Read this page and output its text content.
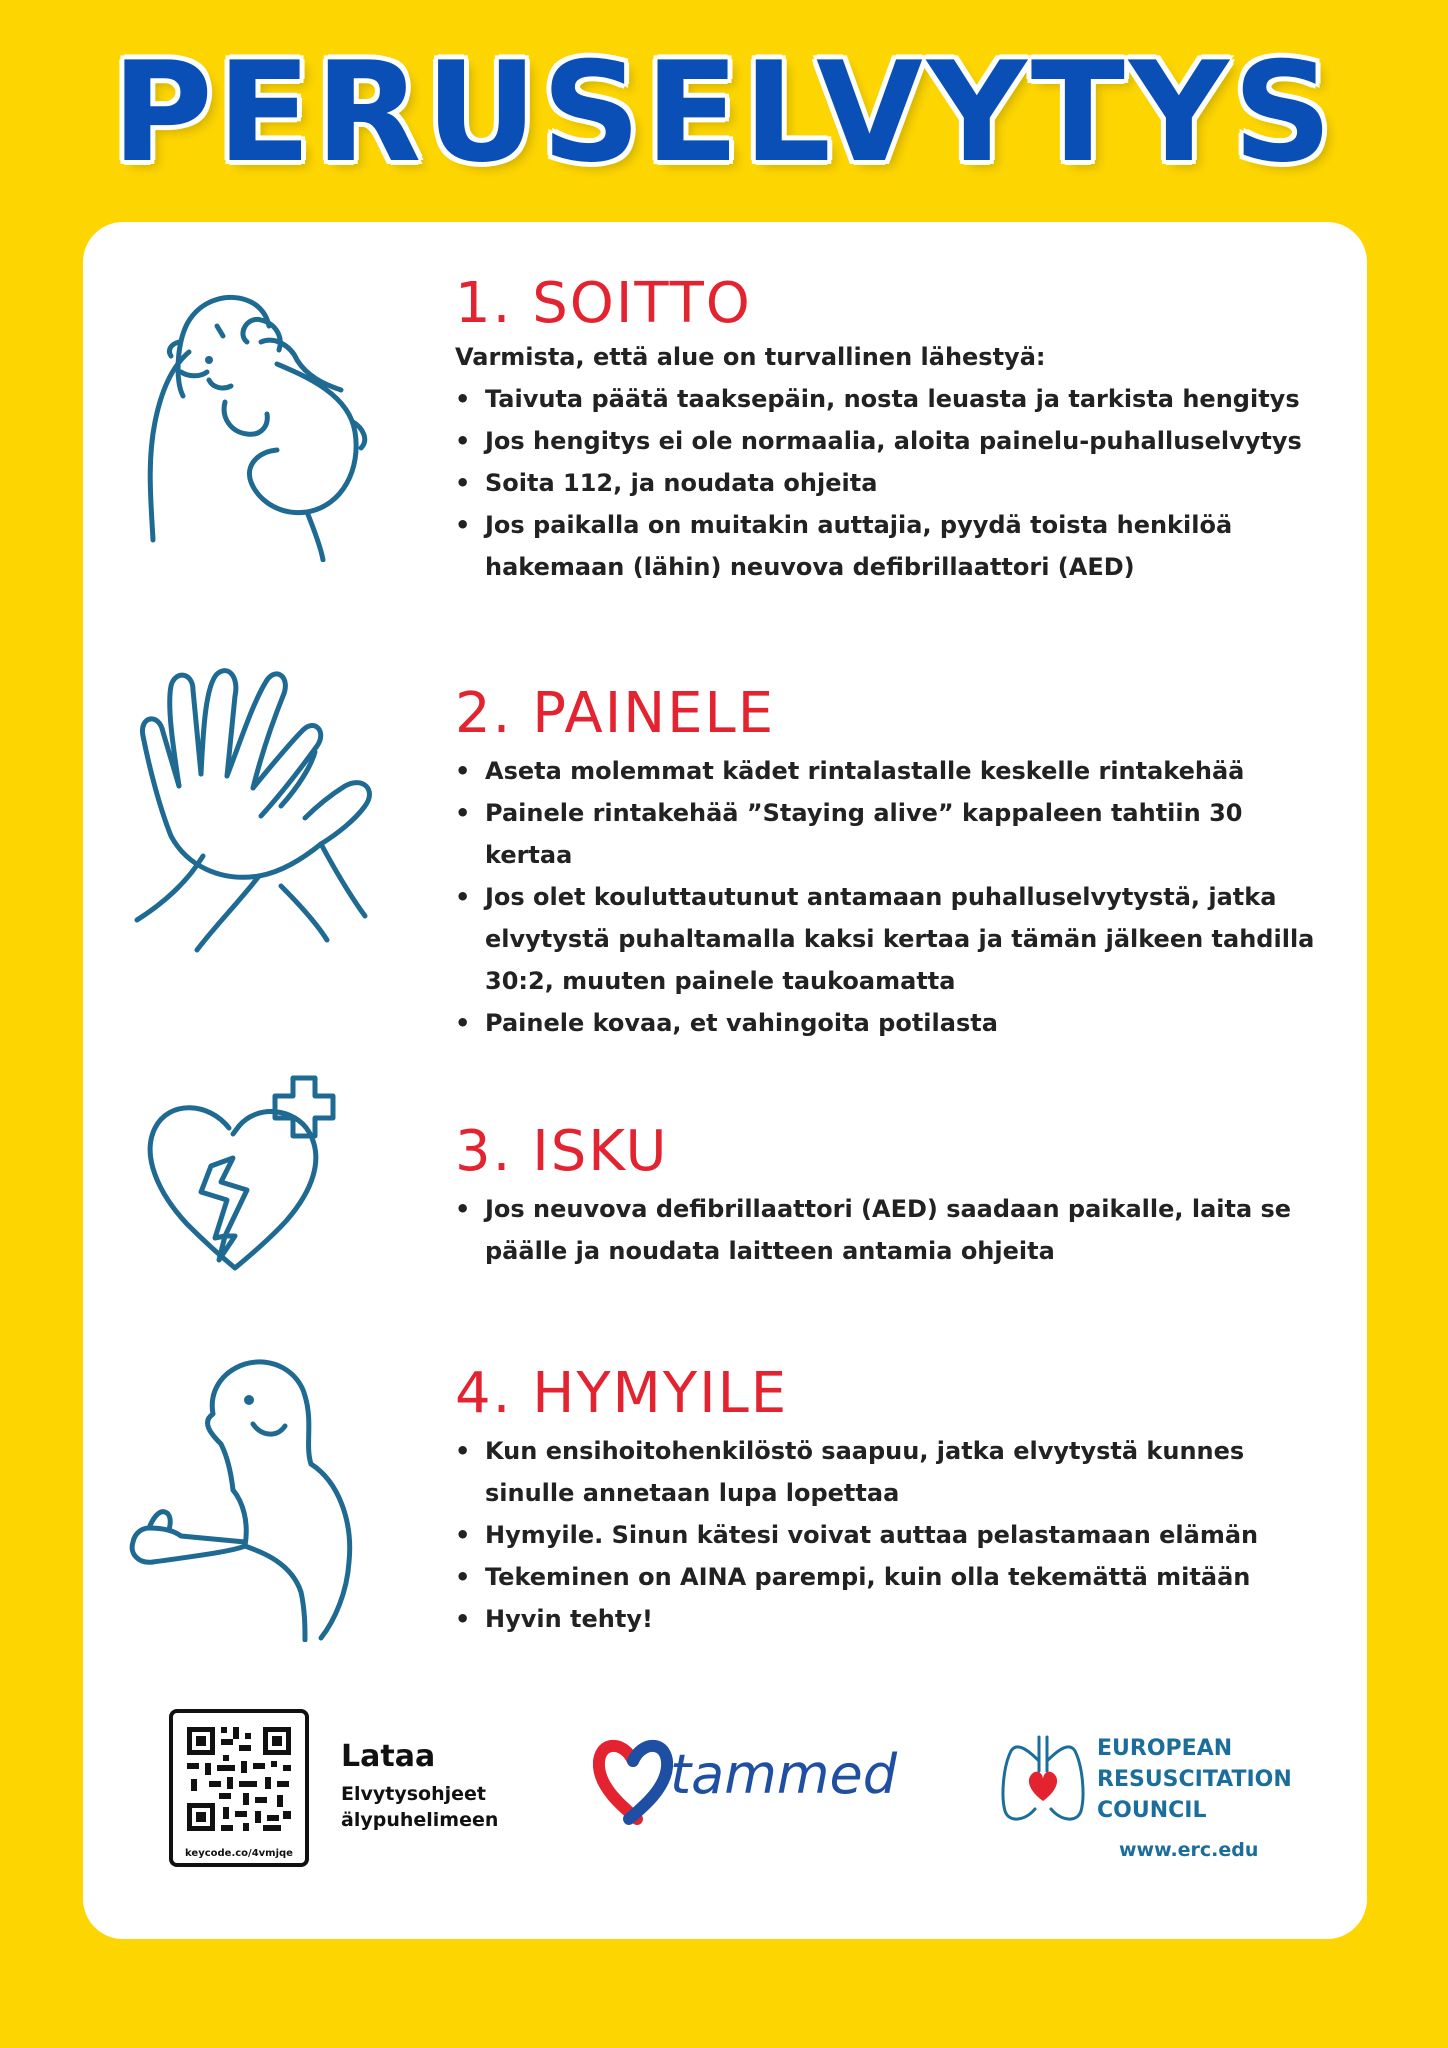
PERUSELVYTYS
1. SOITTO
Varmista, että alue on turvallinen lähestyä:
• Taivuta päätä taaksepäin, nosta leuasta ja tarkista hengitys
• Jos hengitys ei ole normaalia, aloita painelu-puhalluselvytys
• Soita 112, ja noudata ohjeita
• Jos paikalla on muitakin auttajia, pyydä toista henkilöä hakemaan (lähin) neuvova defibrillaattori (AED)
2. PAINELE
• Aseta molemmat kädet rintalastalle keskelle rintakehää
• Painele rintakehää ”Staying alive” kappaleen tahtiin 30 kertaa
• Jos olet kouluttautunut antamaan puhalluselvytystä, jatka elvytystä puhaltamalla kaksi kertaa ja tämän jälkeen tahdilla 30:2, muuten painele taukoamatta
• Painele kovaa, et vahingoita potilasta
3. ISKU
• Jos neuvova defibrillaattori (AED) saadaan paikalle, laita se päälle ja noudata laitteen antamia ohjeita
4. HYMYILE
• Kun ensihoitohenkilöstö saapuu, jatka elvytystä kunnes sinulle annetaan lupa lopettaa
• Hymyile. Sinun kätesi voivat auttaa pelastamaan elämän
• Tekeminen on AINA parempi, kuin olla tekemättä mitään
• Hyvin tehty!
keycode.co/4vmjqe
Lataa
Elvytysohjeet
älypuhelimeen
tammed	EUROPEAN
RESUSCITATION
COUNCIL
www.erc.edu
